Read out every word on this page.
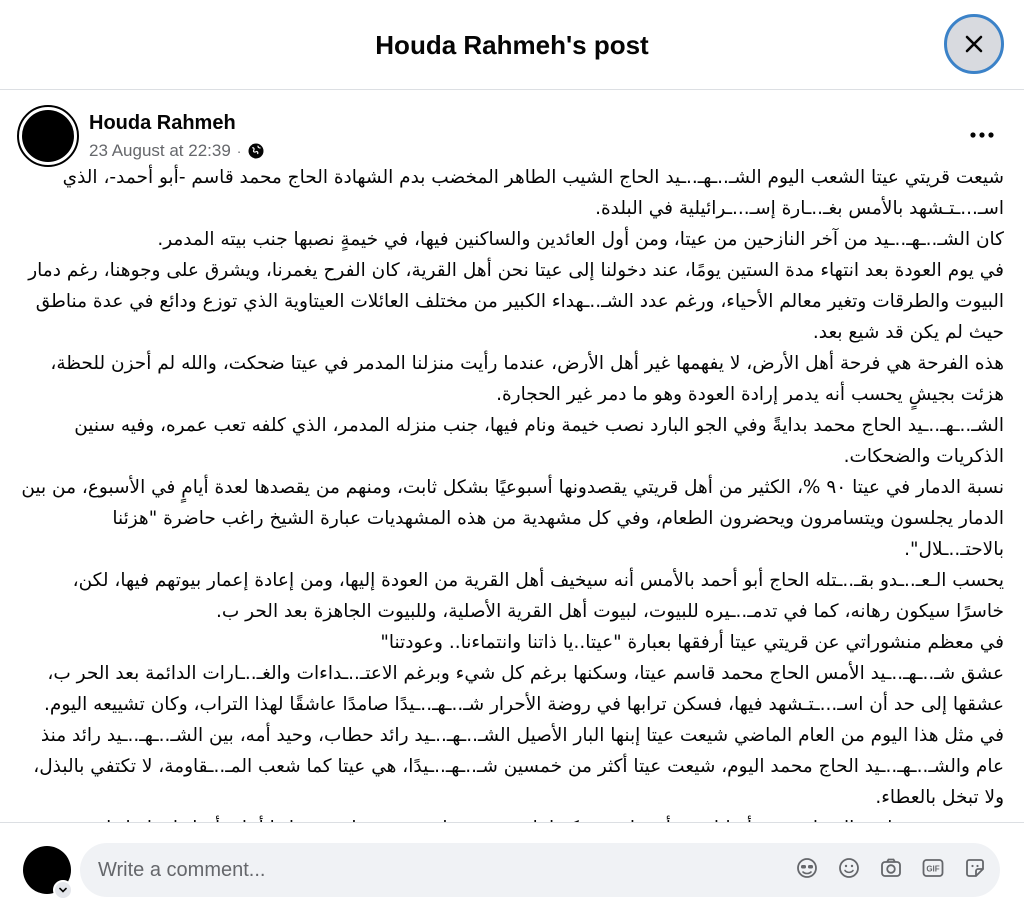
Houda Rahmeh's post
Houda Rahmeh
23 August at 22:39 ·

شيعت قريتي عيتا الشعب اليوم الشـ..ـهـ..ـيد الحاج الشيب الطاهر المخضب بدم الشهادة الحاج محمد قاسم -أبو أحمد-، الذي اسـ...ـتـشهد بالأمس بغـ..ـارة إسـ...ـرائيلية في البلدة.

كان الشـ..ـهـ..ـيد من آخر النازحين من عيتا، ومن أول العائدين والساكنين فيها، في خيمةٍ نصبها جنب بيته المدمر.

في يوم العودة بعد انتهاء مدة الستين يومًا، عند دخولنا إلى عيتا نحن أهل القرية، كان الفرح يغمرنا، ويشرق على وجوهنا، رغم دمار البيوت والطرقات وتغير معالم الأحياء، ورغم عدد الشـ..ـهداء الكبير من مختلف العائلات العيتاوية الذي توزع ودائع في عدة مناطق حيث لم يكن قد شيع بعد.

هذه الفرحة هي فرحة أهل الأرض، لا يفهمها غير أهل الأرض، عندما رأيت منزلنا المدمر في عيتا ضحكت، والله لم أحزن للحظة، هزئت بجيشٍ يحسب أنه يدمر إرادة العودة وهو ما دمر غير الحجارة.

الشـ..ـهـ..ـيد الحاج محمد بدايةً وفي الجو البارد نصب خيمة ونام فيها، جنب منزله المدمر، الذي كلفه تعب عمره، وفيه سنين الذكريات والضحكات.

نسبة الدمار في عيتا ٩٠ %، الكثير من أهل قريتي يقصدونها أسبوعيًا بشكل ثابت، ومنهم من يقصدها لعدة أيامٍ في الأسبوع، من بين الدمار يجلسون ويتسامرون ويحضرون الطعام، وفي كل مشهدية من هذه المشهديات عبارة الشيخ راغب حاضرة "هزئنا بالاحتـ..ـلال".

يحسب الـعـ..ـدو بقـ..ـتله الحاج أبو أحمد بالأمس أنه سيخيف أهل القرية من العودة إليها، ومن إعادة إعمار بيوتهم فيها، لكن، خاسرًا سيكون رهانه، كما في تدمـ..ـيره للبيوت، لبيوت أهل القرية الأصلية، وللبيوت الجاهزة بعد الحر ب.

في معظم منشوراتي عن قريتي عيتا أرفقها بعبارة "عيتا..يا ذاتنا وانتماءنا.. وعودتنا"

عشق شـ..ـهـ..ـيد الأمس الحاج محمد قاسم عيتا، وسكنها برغم كل شيء وبرغم الاعتـ..ـداءات والغـ..ـارات الدائمة بعد الحر ب، عشقها إلى حد أن اسـ...ـتـشهد فيها، فسكن ترابها في روضة الأحرار شـ..ـهـ..ـيدًا صامدًا عاشقًا لهذا التراب، وكان تشييعه اليوم. في مثل هذا اليوم من العام الماضي شيعت عيتا إبنها البار الأصيل الشـ..ـهـ..ـيد رائد حطاب، وحيد أمه، بين الشـ..ـهـ..ـيد رائد منذ عام والشـ..ـهـ..ـيد الحاج محمد اليوم، شيعت عيتا أكثر من خمسين شـ..ـهـ..ـيدًا، هي عيتا كما شعب المـ..ـقاومة، لا تكتفي بالبذل، ولا تبخل بالعطاء.

Write a comment...
GIF
